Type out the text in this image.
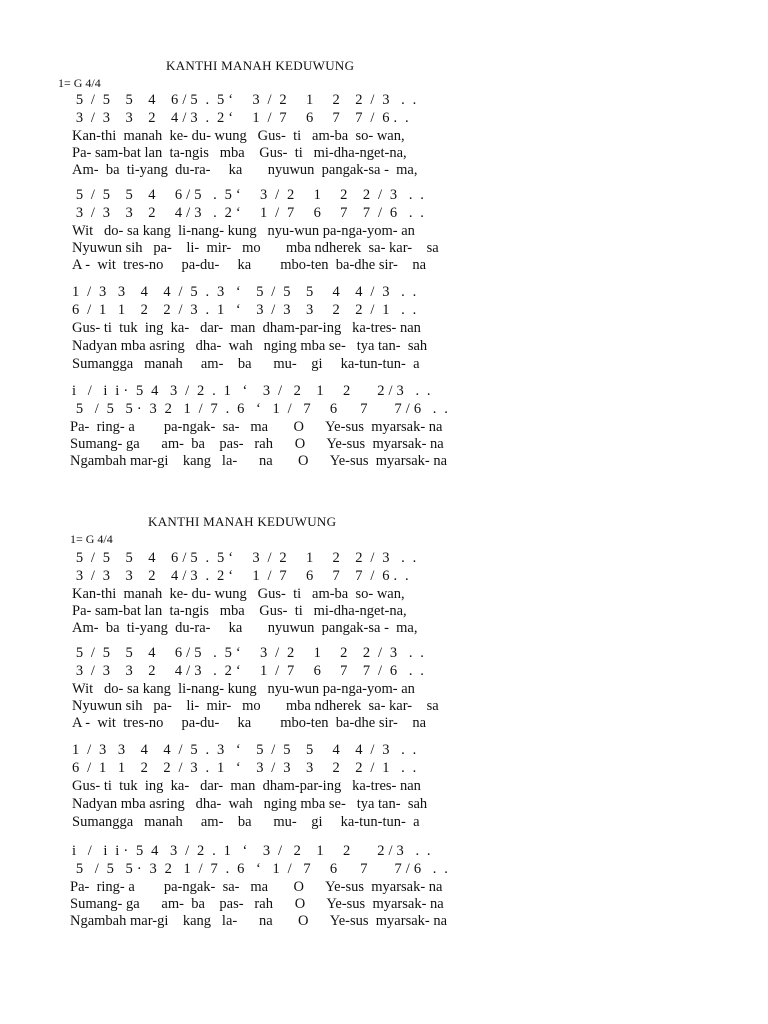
KANTHI MANAH KEDUWUNG
1= G 4/4
5  /  5    5    4    6 / 5  .  5 ‘     3  /  2     1     2    2  /  3   .  .
3  /  3    3    2    4 / 3  .  2 ‘     1  /  7     6     7    7  /  6 .  .
Kan-thi  manah  ke- du- wung   Gus-  ti   am-ba  so- wan,
Pa- sam-bat lan  ta-ngis   mba    Gus-  ti   mi-dha-nget-na,
Am-  ba  ti-yang  du-ra-     ka       nyuwun  pangak-sa -  ma,
5  /  5    5    4     6 / 5   .  5 ‘     3  /  2     1     2    2  /  3   .  .
3  /  3    3    2     4 / 3   .  2 ‘     1  /  7     6     7    7  /  6   .  .
Wit   do- sa kang  li-nang- kung   nyu-wun pa-nga-yom- an
Nyuwun sih   pa-    li-  mir-   mo       mba ndherek  sa- kar-    sa
A -  wit  tres-no     pa-du-     ka        mbo-ten  ba-dhe sir-    na
1  /  3   3    4    4  /  5  .  3   ‘    5  /  5    5     4    4  /  3   .  .
6  /  1   1    2    2  /  3  .  1   ‘    3  /  3    3     2    2  /  1   .  .
Gus- ti  tuk  ing  ka-   dar-  man  dham-par-ing   ka-tres- nan
Nadyan mba asring   dha-  wah   nging mba se-   tya tan-  sah
Sumangga   manah     am-    ba      mu-    gi     ka-tun-tun-  a
i   /   i  i ·  5  4   3  /  2  .  1   ‘    3  /   2    1     2       2 / 3   .  .
5   /  5   5 ·  3  2   1  /  7  .  6   ‘   1  /   7     6      7       7 / 6   .  .
Pa-  ring- a        pa-ngak-  sa-   ma       O      Ye-sus  myarsak- na
Sumang- ga      am-  ba    pas-   rah      O      Ye-sus  myarsak- na
Ngambah mar-gi    kang   la-      na       O      Ye-sus  myarsak- na
KANTHI MANAH KEDUWUNG
1= G 4/4
5  /  5    5    4    6 / 5  .  5 ‘     3  /  2     1     2    2  /  3   .  .
3  /  3    3    2    4 / 3  .  2 ‘     1  /  7     6     7    7  /  6 .  .
Kan-thi  manah  ke- du- wung   Gus-  ti   am-ba  so- wan,
Pa- sam-bat lan  ta-ngis   mba    Gus-  ti   mi-dha-nget-na,
Am-  ba  ti-yang  du-ra-     ka       nyuwun  pangak-sa -  ma,
5  /  5    5    4     6 / 5   .  5 ‘     3  /  2     1     2    2  /  3   .  .
3  /  3    3    2     4 / 3   .  2 ‘     1  /  7     6     7    7  /  6   .  .
Wit   do- sa kang  li-nang- kung   nyu-wun pa-nga-yom- an
Nyuwun sih   pa-    li-  mir-   mo       mba ndherek  sa- kar-    sa
A -  wit  tres-no     pa-du-     ka        mbo-ten  ba-dhe sir-    na
1  /  3   3    4    4  /  5  .  3   ‘    5  /  5    5     4    4  /  3   .  .
6  /  1   1    2    2  /  3  .  1   ‘    3  /  3    3     2    2  /  1   .  .
Gus- ti  tuk  ing  ka-   dar-  man  dham-par-ing   ka-tres- nan
Nadyan mba asring   dha-  wah   nging mba se-   tya tan-  sah
Sumangga   manah     am-    ba      mu-    gi     ka-tun-tun-  a
i   /   i  i ·  5  4   3  /  2  .  1   ‘    3  /   2    1     2       2 / 3   .  .
5   /  5   5 ·  3  2   1  /  7  .  6   ‘   1  /   7     6      7       7 / 6   .  .
Pa-  ring- a        pa-ngak-  sa-   ma       O      Ye-sus  myarsak- na
Sumang- ga      am-  ba    pas-   rah      O      Ye-sus  myarsak- na
Ngambah mar-gi    kang   la-      na       O      Ye-sus  myarsak- na
